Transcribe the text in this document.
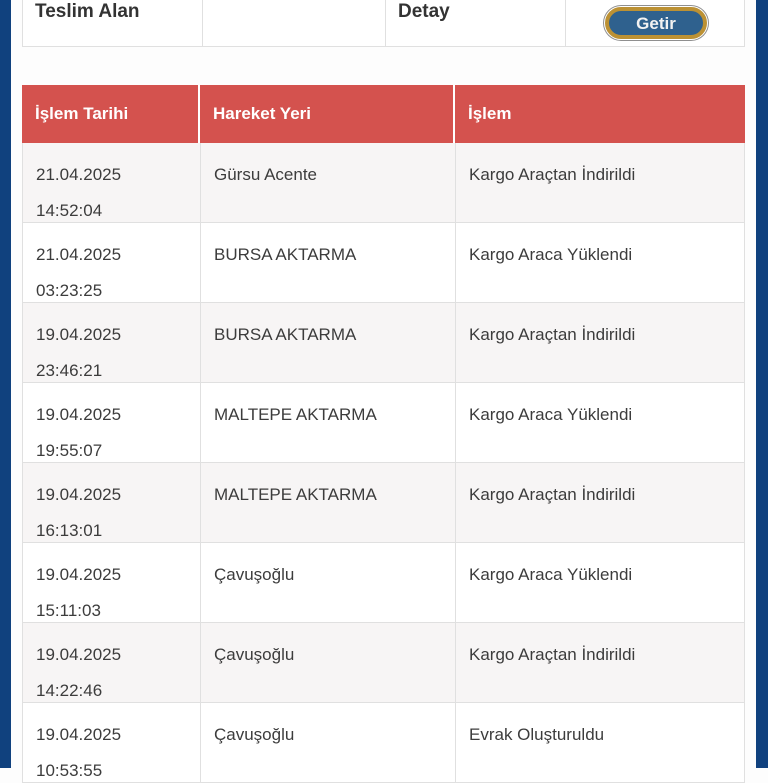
Teslim Alan	Detay
Getir
İşlem Tarihi	Hareket Yeri	İşlem
21.04.2025
14:52:04
Gürsu Acente	Kargo Araçtan İndirildi
21.04.2025
03:23:25
BURSA AKTARMA	Kargo Araca Yüklendi
19.04.2025
23:46:21
BURSA AKTARMA	Kargo Araçtan İndirildi
19.04.2025
19:55:07
MALTEPE AKTARMA	Kargo Araca Yüklendi
19.04.2025
16:13:01
MALTEPE AKTARMA	Kargo Araçtan İndirildi
19.04.2025
15:11:03
Çavuşoğlu	Kargo Araca Yüklendi
19.04.2025
14:22:46
Çavuşoğlu	Kargo Araçtan İndirildi
19.04.2025
10:53:55
Çavuşoğlu	Evrak Oluşturuldu
